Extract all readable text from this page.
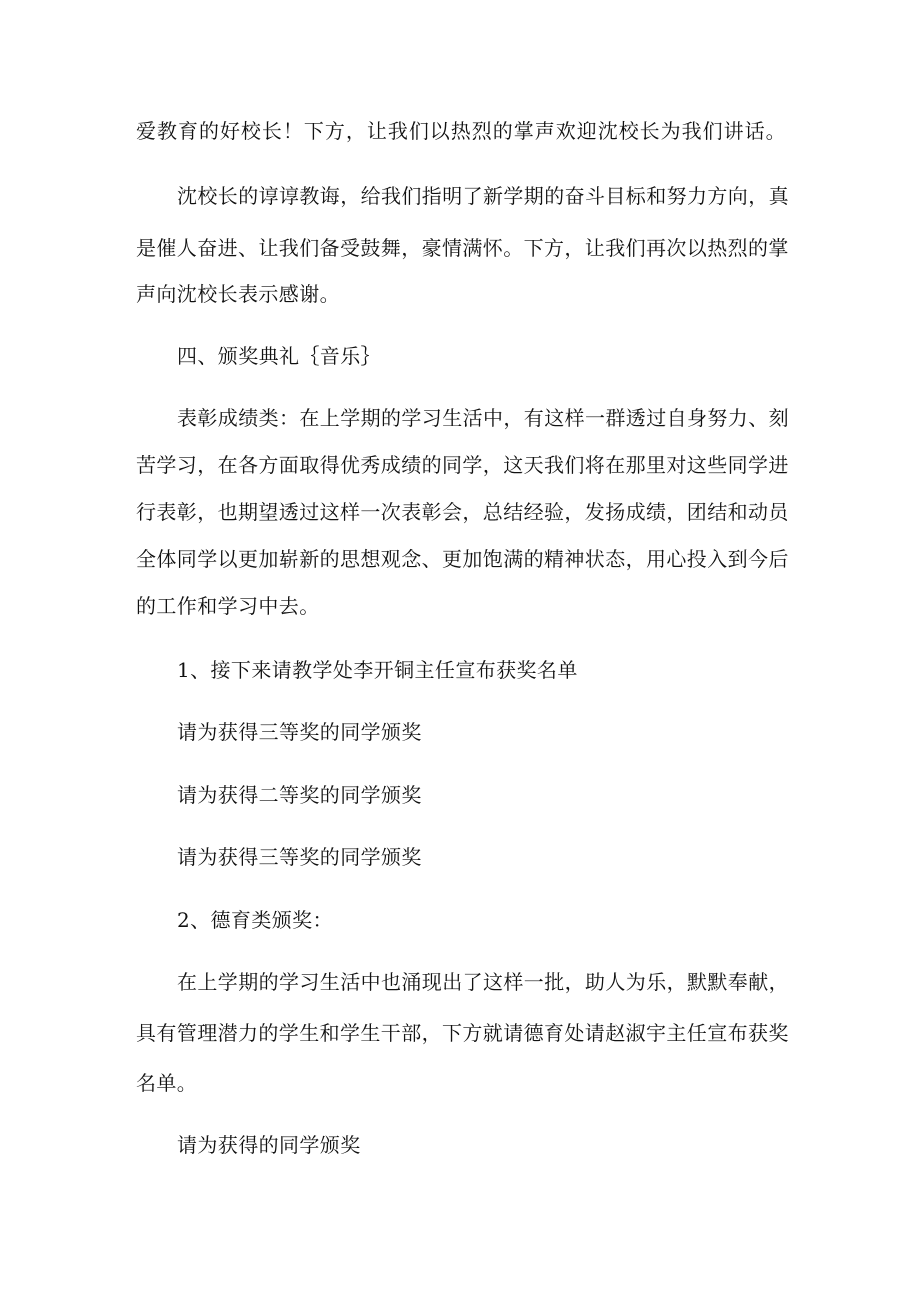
爱教育的好校长！下方，让我们以热烈的掌声欢迎沈校长为我们讲话。
沈校长的谆谆教诲，给我们指明了新学期的奋斗目标和努力方向，真
是催人奋进、让我们备受鼓舞，豪情满怀。下方，让我们再次以热烈的掌
声向沈校长表示感谢。
四、颁奖典礼｛音乐｝
表彰成绩类：在上学期的学习生活中，有这样一群透过自身努力、刻
苦学习，在各方面取得优秀成绩的同学，这天我们将在那里对这些同学进
行表彰，也期望透过这样一次表彰会，总结经验，发扬成绩，团结和动员
全体同学以更加崭新的思想观念、更加饱满的精神状态，用心投入到今后
的工作和学习中去。
1、接下来请教学处李开铜主任宣布获奖名单
请为获得三等奖的同学颁奖
请为获得二等奖的同学颁奖
请为获得三等奖的同学颁奖
2、德育类颁奖：
在上学期的学习生活中也涌现出了这样一批，助人为乐，默默奉献，
具有管理潜力的学生和学生干部，下方就请德育处请赵淑宇主任宣布获奖
名单。
请为获得的同学颁奖
